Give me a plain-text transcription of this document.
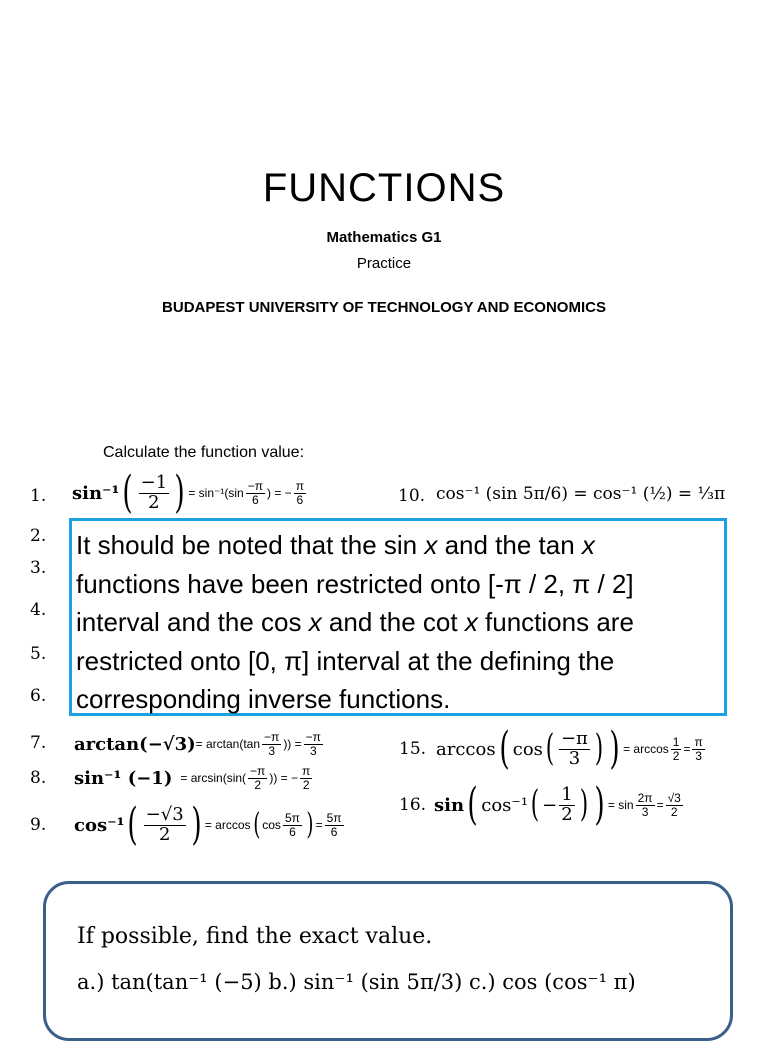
FUNCTIONS
Mathematics G1
Practice
BUDAPEST UNIVERSITY OF TECHNOLOGY AND ECONOMICS
Calculate the function value:
1. sin⁻¹ ( $\frac{-1}{2}$ ) = $\sin^{-1}(\sin \frac{-\pi}{6}$ ) = − $\frac{\pi}{6}$	10. cos⁻¹ (sin 5π/6) = cos⁻¹ (½) = ⅓π
2.
3.
4.
5.
6.
It should be noted that the sin x and the tan x
functions have been restricted onto [-π / 2, π / 2]
interval and the cos x and the cot x functions are
restricted onto [0, π] interval at the defining the
corresponding inverse functions.
7. $\arctan(-√3) = \arctan(\tan \frac{-\pi}{3}$ )) = $\frac{-\pi}{3}$	15. arccos ( cos ( $\frac{-\pi}{3}$ ) ) = $\arccos \frac{1}{2} = \frac{\pi}{3}$
8. sin⁻¹ $(-1) = \arcsin(\sin( \frac{-\pi}{2}$ )) = − $\frac{\pi}{2}$
9. cos⁻¹ ( $\frac{-√3}{2}$ ) = arccos ( $\cos \frac{5\pi}{6}$ ) = $\frac{5\pi}{6}$
16. sin ( cos⁻¹ ( − $\frac{1}{2}$ ) ) = $\sin \frac{2\pi}{3} = \frac{√3}{2}$
If possible, find the exact value.
a.) tan(tan⁻¹ (−5) b.) sin⁻¹ (sin 5π/3) c.) cos (cos⁻¹ π)
